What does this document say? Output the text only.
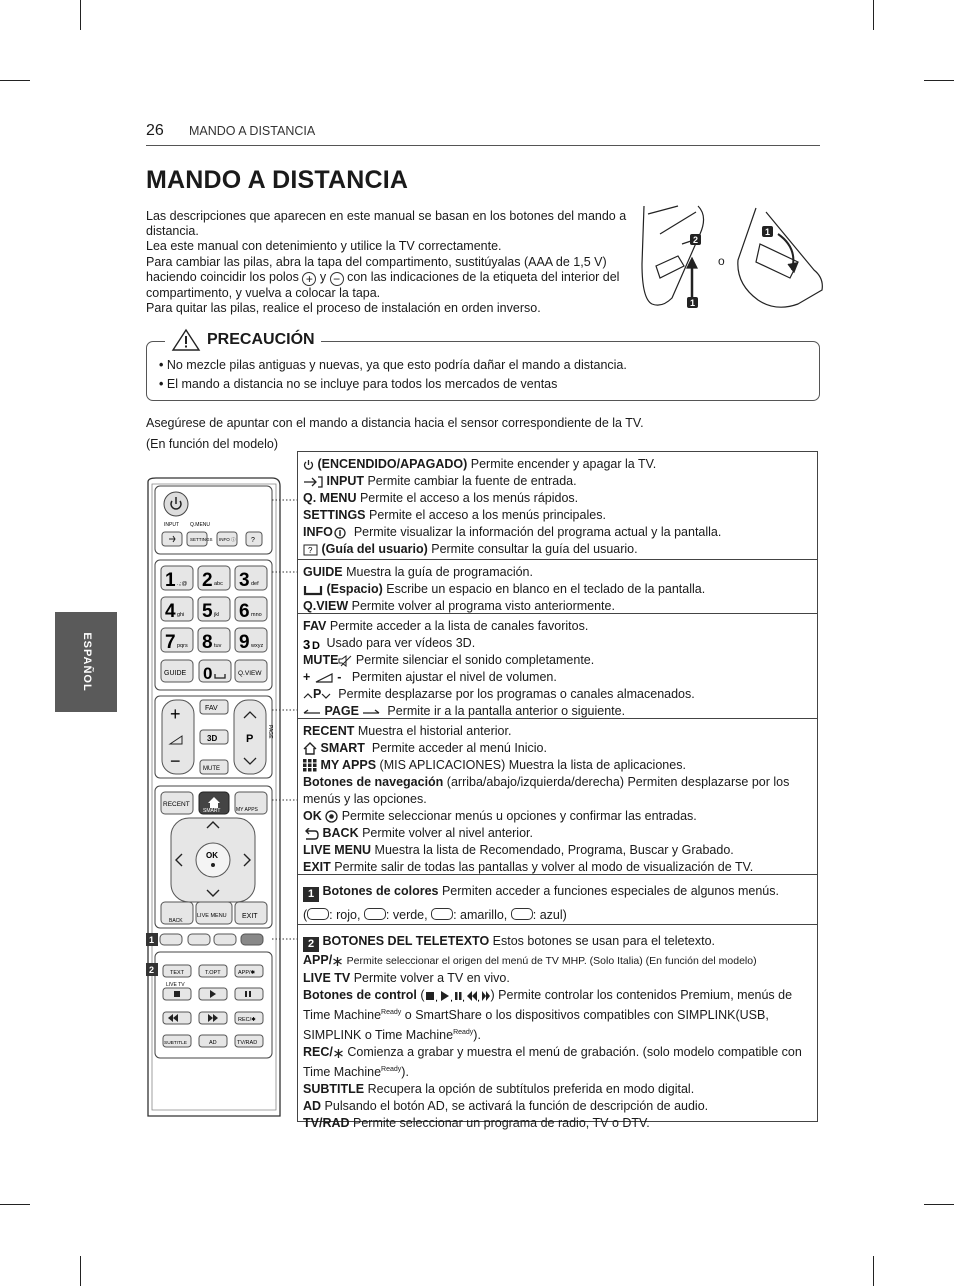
26 MANDO A DISTANCIA
MANDO A DISTANCIA
ESPAÑOL

Las descripciones que aparecen en este manual se basan en los botones del mando a distancia.

Lea este manual con detenimiento y utilice la TV correctamente.

Para cambiar las pilas, abra la tapa del compartimento, sustitúyalas (AAA de 1,5 V) haciendo coincidir los polos + y − con las indicaciones de la etiqueta del interior del compartimento, y vuelva a colocar la tapa.

Para quitar las pilas, realice el proceso de instalación en orden inverso.

2
1
1
o
PRECAUCIÓN
• No mezcle pilas antiguas y nuevas, ya que esto podría dañar el mando a distancia.
• El mando a distancia no se incluye para todos los mercados de ventas

Asegúrese de apuntar con el mando a distancia hacia el sensor correspondiente de la TV.

(En función del modelo)

INPUT Q.MENU
SETTINGS INFO ⓘ ?
1 .,;@ 2 abc 3 def
4 ghi 5 jkl 6 mno
7 pqrs 8 tuv 9 wxyz
GUIDE 0	Q.VIEW
+
−
FAV
3D
MUTE
P
PAGE
RECENT
SMART	MY APPS
OK
BACK
LIVE MENU EXIT
1
2	TEXT	T.OPT	APP/✱
LIVE TV
REC/✱
SUBTITLE	AD	TV/RAD

(ENCENDIDO/APAGADO) Permite encender y apagar la TV.

INPUT Permite cambiar la fuente de entrada.

Q. MENU Permite el acceso a los menús rápidos.

SETTINGS Permite el acceso a los menús principales.

INFO Permite visualizar la información del programa actual y la pantalla.

? (Guía del usuario) Permite consultar la guía del usuario.

GUIDE Muestra la guía de programación.

(Espacio) Escribe un espacio en blanco en el teclado de la pantalla.

Q.VIEW Permite volver al programa visto anteriormente.

FAV Permite acceder a la lista de canales favoritos.

3 D Usado para ver vídeos 3D.

MUTE Permite silenciar el sonido completamente.

+ - Permiten ajustar el nivel de volumen.

P Permite desplazarse por los programas o canales almacenados.

PAGE Permite ir a la pantalla anterior o siguiente.

RECENT Muestra el historial anterior.

SMART Permite acceder al menú Inicio.

MY APPS (MIS APLICACIONES) Muestra la lista de aplicaciones.

Botones de navegación (arriba/abajo/izquierda/derecha) Permiten desplazarse por los menús y las opciones.

OK Permite seleccionar menús u opciones y confirmar las entradas.

BACK Permite volver al nivel anterior.

LIVE MENU Muestra la lista de Recomendado, Programa, Buscar y Grabado.

EXIT Permite salir de todas las pantallas y volver al modo de visualización de TV.

1 Botones de colores Permiten acceder a funciones especiales de algunos menús.

( : rojo, : verde, : amarillo, : azul)

2 BOTONES DEL TELETEXTO Estos botones se usan para el teletexto.

APP/ Permite seleccionar el origen del menú de TV MHP. (Solo Italia) (En función del modelo)

LIVE TV Permite volver a TV en vivo.

Botones de control ( , , , , ) Permite controlar los contenidos Premium, menús de Time Machine$^{Ready}$ o SmartShare o los dispositivos compatibles con SIMPLINK(USB, SIMPLINK o Time Machine$^{Ready}$).

REC/ Comienza a grabar y muestra el menú de grabación. (solo modelo compatible con Time Machine$^{Ready}$).

SUBTITLE Recupera la opción de subtítulos preferida en modo digital.

AD Pulsando el botón AD, se activará la función de descripción de audio.

TV/RAD Permite seleccionar un programa de radio, TV o DTV.
